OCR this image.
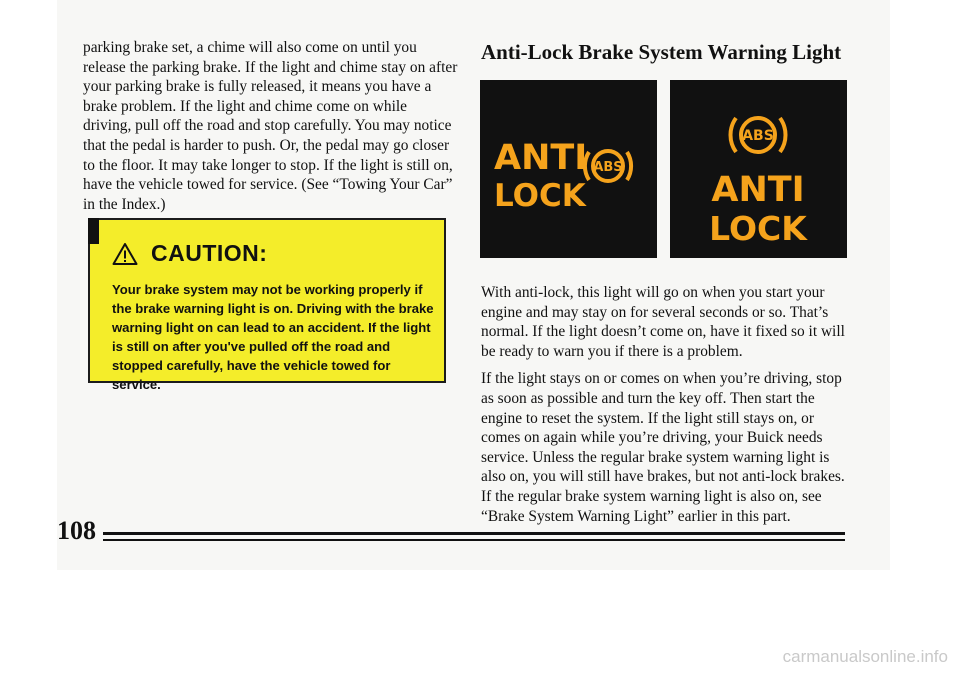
parking brake set, a chime will also come on until you release the parking brake. If the light and chime stay on after your parking brake is fully released, it means you have a brake problem. If the light and chime come on while driving, pull off the road and stop carefully. You may notice that the pedal is harder to push. Or, the pedal may go closer to the floor. It may take longer to stop. If the light is still on, have the vehicle towed for service. (See “Towing Your Car” in the Index.)

CAUTION:

Your brake system may not be working properly if the brake warning light is on. Driving with the brake warning light on can lead to an accident. If the light is still on after you've pulled off the road and stopped carefully, have the vehicle towed for service.

Anti-Lock Brake System Warning Light
ANTI
LOCK
ABS
ABS
ANTI
LOCK

With anti-lock, this light will go on when you start your engine and may stay on for several seconds or so. That’s normal. If the light doesn’t come on, have it fixed so it will be ready to warn you if there is a problem.

If the light stays on or comes on when you’re driving, stop as soon as possible and turn the key off. Then start the engine to reset the system. If the light still stays on, or comes on again while you’re driving, your Buick needs service. Unless the regular brake system warning light is also on, you will still have brakes, but not anti-lock brakes. If the regular brake system warning light is also on, see “Brake System Warning Light” earlier in this part.

108

carmanualsonline.info
